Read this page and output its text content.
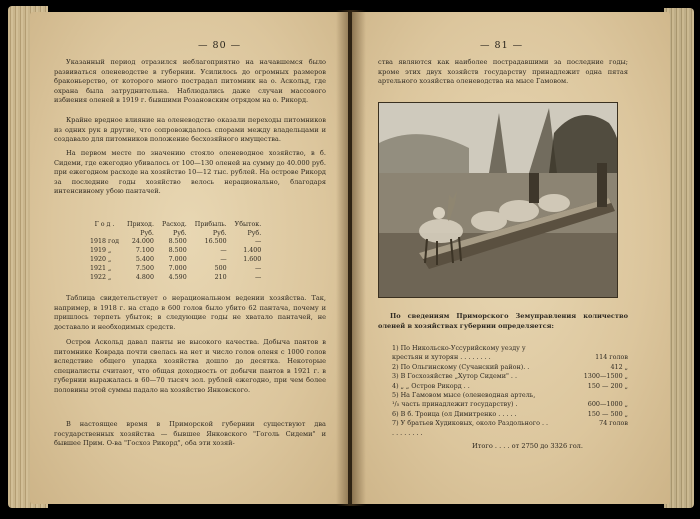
— 80 —

Указанный период отразился неблагоприятно на начавшемся было развиваться оленеводстве в губернии. Усилилось до огромных размеров браконьерство, от которого много пострадал питомник на о. Аскольд, где охрана была затруднительна. Наблюдались даже случаи массового избиения оленей в 1919 г. бывшими Розановским отрядом на о. Рикорд.

Крайне вредное влияние на оленеводство оказали переходы питомников из одних рук в другие, что сопровождалось спорами между владельцами и создавало для питомников положение бесхозяйного имущества.

На первом месте по значению стояло оленеводное хозяйство, в б. Сидеми, где ежегодно убивалось от 100—130 оленей на сумму до 40.000 руб. при ежегодном расходе на хозяйство 10—12 тыс. рублей. На острове Рикорд за последние годы хозяйство велось нерационально, благодаря интенсивному убою пантачей.

Г о д .	Приход.	Расход.	Прибыль.	Убыток.
	Руб.	Руб.	Руб.	Руб.
1918 год	24.000	8.500	16.500	—
1919 „	7.100	8.500	—	1.400
1920 „	5.400	7.000	—	1.600
1921 „	7.500	7.000	500	—
1922 „	4.800	4.590	210	—

Таблица свидетельствует о нерациональном ведении хозяйства. Так, например, в 1918 г. на стадо в 600 голов было убито 62 пантача, почему и пришлось терпеть убыток; в следующие годы не хватало пантачей, не доставало и необходимых средств.

Остров Аскольд давал панты не высокого качества. Добыча пантов в питомнике Коврада почти свелась на нет и число голов оленя с 1000 голов вследствие общего упадка хозяйства дошло до десятка. Некоторые специалисты считают, что общая доходность от добычи пантов в 1921 г. в губернии выражалась в 60—70 тысяч зол. рублей ежегодно, при чем более половины этой суммы падало на хозяйство Янковского.

В настоящее время в Приморской губернии существуют два государственных хозяйства — бывшее Янковского "Гоголь Сидеми" и бывшее Прим. О-ва "Госхоз Рикорд", оба эти хозяй-

— 81 —

ства являются как наиболее пострадавшими за последние годы; кроме этих двух хозяйств государству принадлежит одна пятая артельного хозяйства оленеводства на мысе Гамовом.

По сведениям Приморского Земуправления количество оленей в хозяйствах губернии определяется:

1) По Никольско-Уссурийскому уезду у
крестьян и хуторян . . . . . . . .	114 голов
2) По Ольгинскому (Сучанский район). .	412 „
3) В Госхозяйстве „Хутор Сидеми" . .	1300—1500 „
4) „ „ Остров Рикорд . .	150 — 200 „
5) На Гамовом мысе (оленеводная артель,
¹/₅ часть принадлежит государству) .	600—1000 „
6) В б. Троица (ол Димитренко . . . . .	150 — 500 „
7) У братьев Худиковых, около Раздольного . . . . . . . . . .
74 голов
Итого . . . . от 2750 до 3326 гол.
